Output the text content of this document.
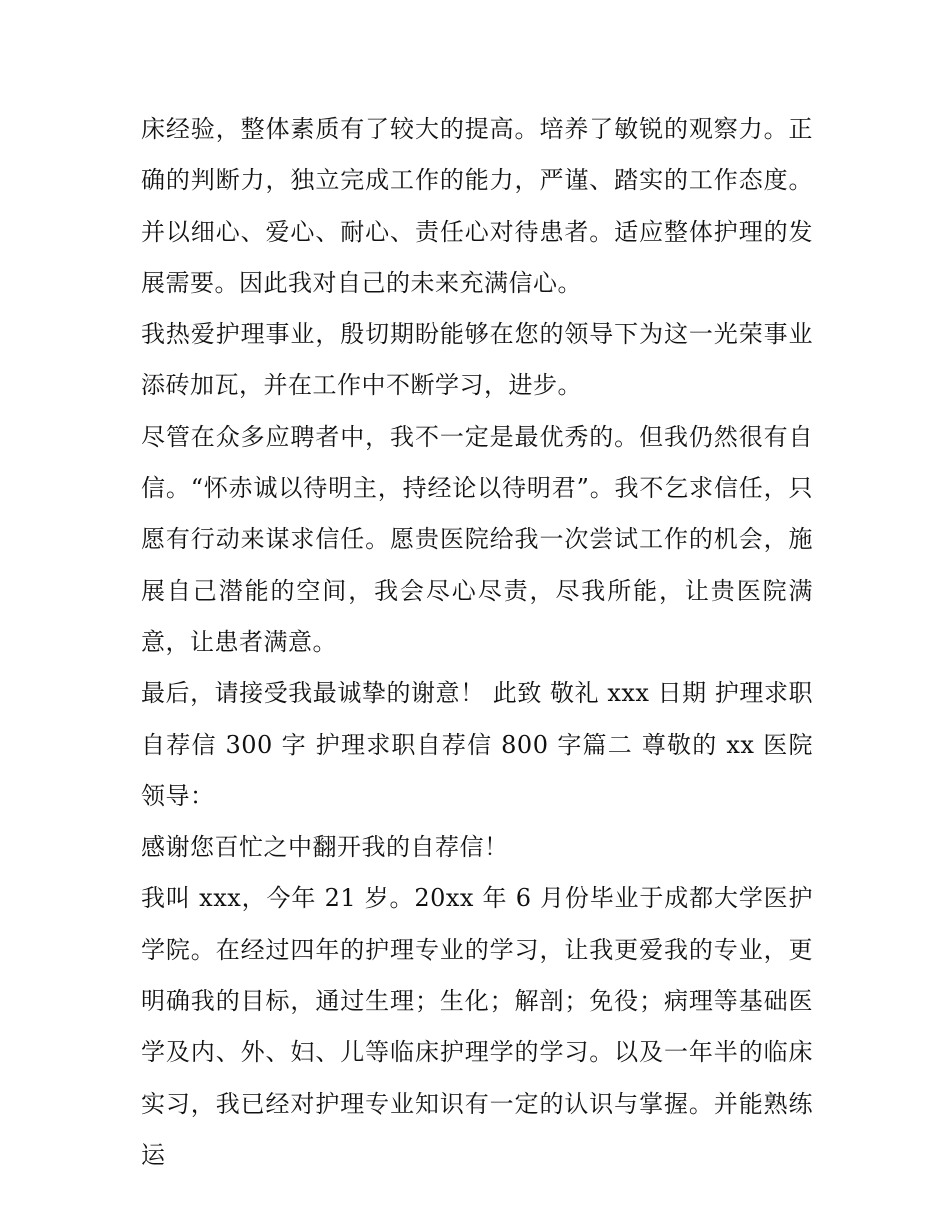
床经验，整体素质有了较大的提高。培养了敏锐的观察力。正确的判断力，独立完成工作的能力，严谨、踏实的工作态度。并以细心、爱心、耐心、责任心对待患者。适应整体护理的发展需要。因此我对自己的未来充满信心。

我热爱护理事业，殷切期盼能够在您的领导下为这一光荣事业添砖加瓦，并在工作中不断学习，进步。

尽管在众多应聘者中，我不一定是最优秀的。但我仍然很有自信。“怀赤诚以待明主，持经论以待明君”。我不乞求信任，只愿有行动来谋求信任。愿贵医院给我一次尝试工作的机会，施展自己潜能的空间，我会尽心尽责，尽我所能，让贵医院满意，让患者满意。

最后，请接受我最诚挚的谢意！ 此致 敬礼 xxx 日期 护理求职自荐信 300 字 护理求职自荐信 800 字篇二 尊敬的 xx 医院领导：

感谢您百忙之中翻开我的自荐信！

我叫 xxx，今年 21 岁。20xx 年 6 月份毕业于成都大学医护学院。在经过四年的护理专业的学习，让我更爱我的专业，更明确我的目标，通过生理；生化；解剖；免役；病理等基础医学及内、外、妇、儿等临床护理学的学习。以及一年半的临床实习，我已经对护理专业知识有一定的认识与掌握。并能熟练运
